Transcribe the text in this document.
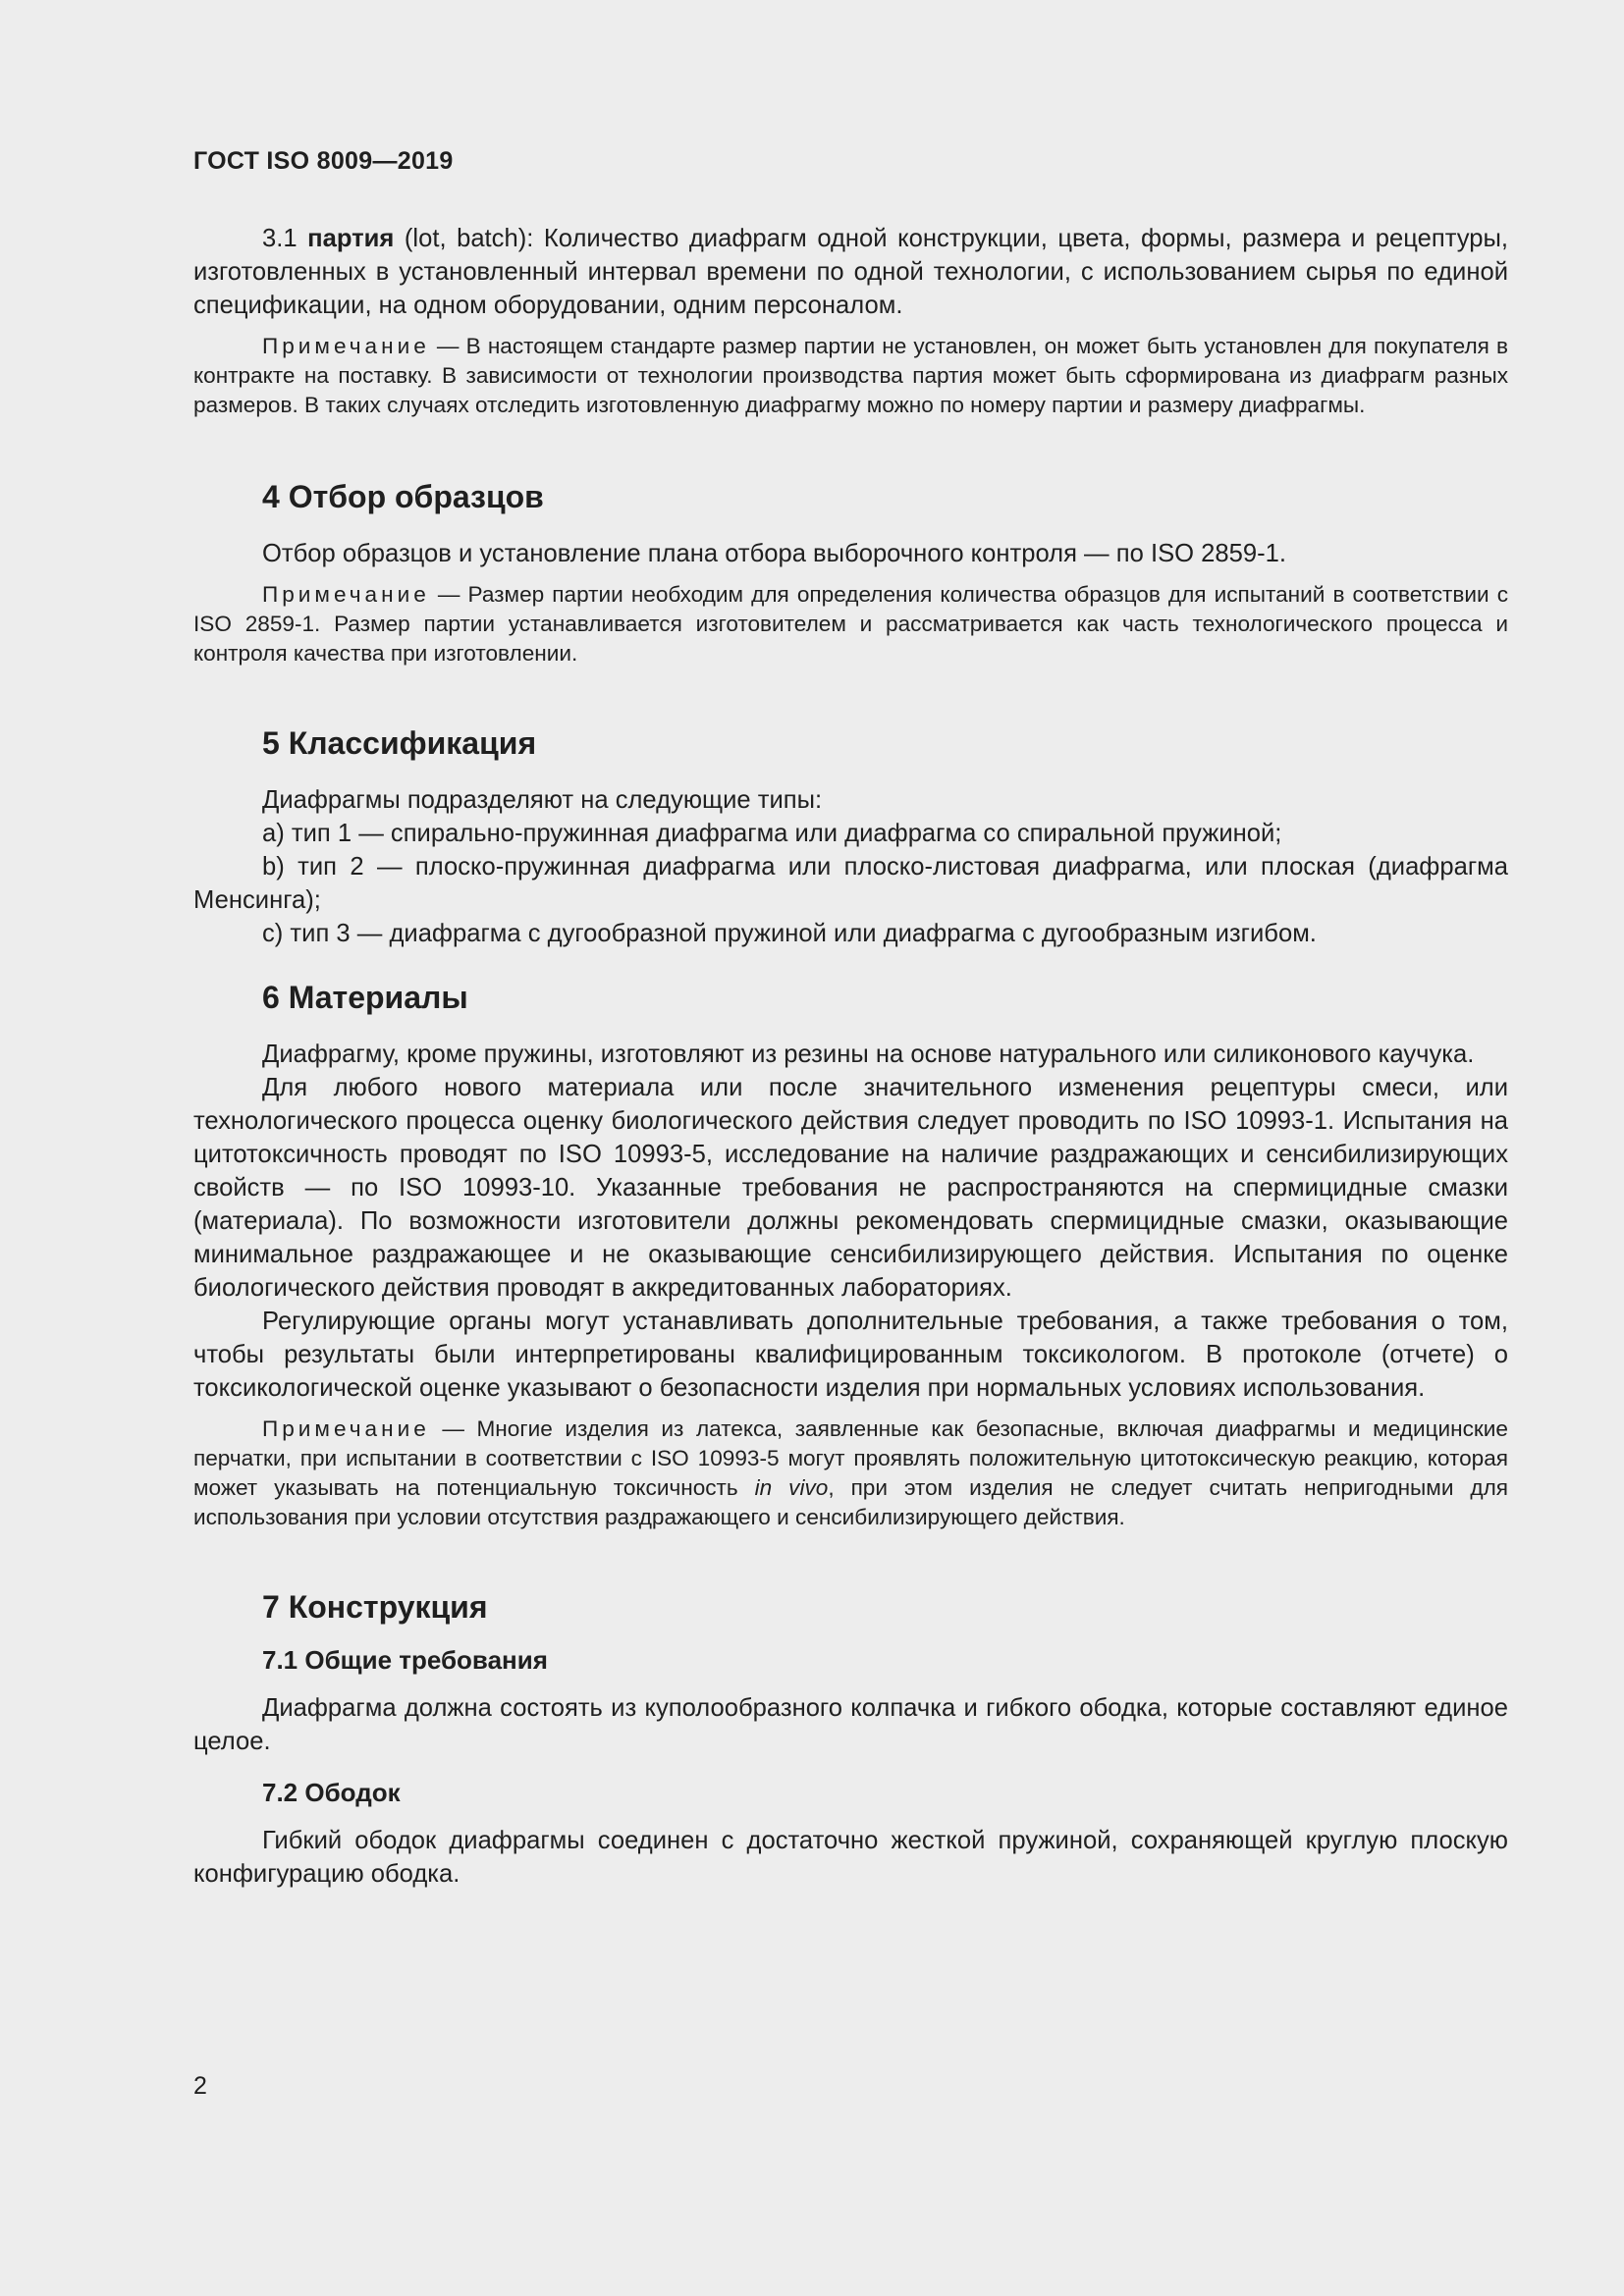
ГОСТ ISO 8009—2019

3.1 партия (lot, batch): Количество диафрагм одной конструкции, цвета, формы, размера и рецептуры, изготовленных в установленный интервал времени по одной технологии, с использованием сырья по единой спецификации, на одном оборудовании, одним персоналом.

Примечание — В настоящем стандарте размер партии не установлен, он может быть установлен для покупателя в контракте на поставку. В зависимости от технологии производства партия может быть сформирована из диафрагм разных размеров. В таких случаях отследить изготовленную диафрагму можно по номеру партии и размеру диафрагмы.

4 Отбор образцов

Отбор образцов и установление плана отбора выборочного контроля — по ISO 2859-1.

Примечание — Размер партии необходим для определения количества образцов для испытаний в соответствии с ISO 2859-1. Размер партии устанавливается изготовителем и рассматривается как часть технологического процесса и контроля качества при изготовлении.

5 Классификация

Диафрагмы подразделяют на следующие типы:

а) тип 1 — спирально-пружинная диафрагма или диафрагма со спиральной пружиной;

b) тип 2 — плоско-пружинная диафрагма или плоско-листовая диафрагма, или плоская (диафрагма Менсинга);

с) тип 3 — диафрагма с дугообразной пружиной или диафрагма с дугообразным изгибом.

6 Материалы

Диафрагму, кроме пружины, изготовляют из резины на основе натурального или силиконового каучука.

Для любого нового материала или после значительного изменения рецептуры смеси, или технологического процесса оценку биологического действия следует проводить по ISO 10993-1. Испытания на цитотоксичность проводят по ISO 10993-5, исследование на наличие раздражающих и сенсибилизирующих свойств — по ISO 10993-10. Указанные требования не распространяются на спермицидные смазки (материала). По возможности изготовители должны рекомендовать спермицидные смазки, оказывающие минимальное раздражающее и не оказывающие сенсибилизирующего действия. Испытания по оценке биологического действия проводят в аккредитованных лабораториях.

Регулирующие органы могут устанавливать дополнительные требования, а также требования о том, чтобы результаты были интерпретированы квалифицированным токсикологом. В протоколе (отчете) о токсикологической оценке указывают о безопасности изделия при нормальных условиях использования.

Примечание — Многие изделия из латекса, заявленные как безопасные, включая диафрагмы и медицинские перчатки, при испытании в соответствии с ISO 10993-5 могут проявлять положительную цитотоксическую реакцию, которая может указывать на потенциальную токсичность in vivo, при этом изделия не следует считать непригодными для использования при условии отсутствия раздражающего и сенсибилизирующего действия.

7 Конструкция
7.1 Общие требования

Диафрагма должна состоять из куполообразного колпачка и гибкого ободка, которые составляют единое целое.

7.2 Ободок

Гибкий ободок диафрагмы соединен с достаточно жесткой пружиной, сохраняющей круглую плоскую конфигурацию ободка.

2
